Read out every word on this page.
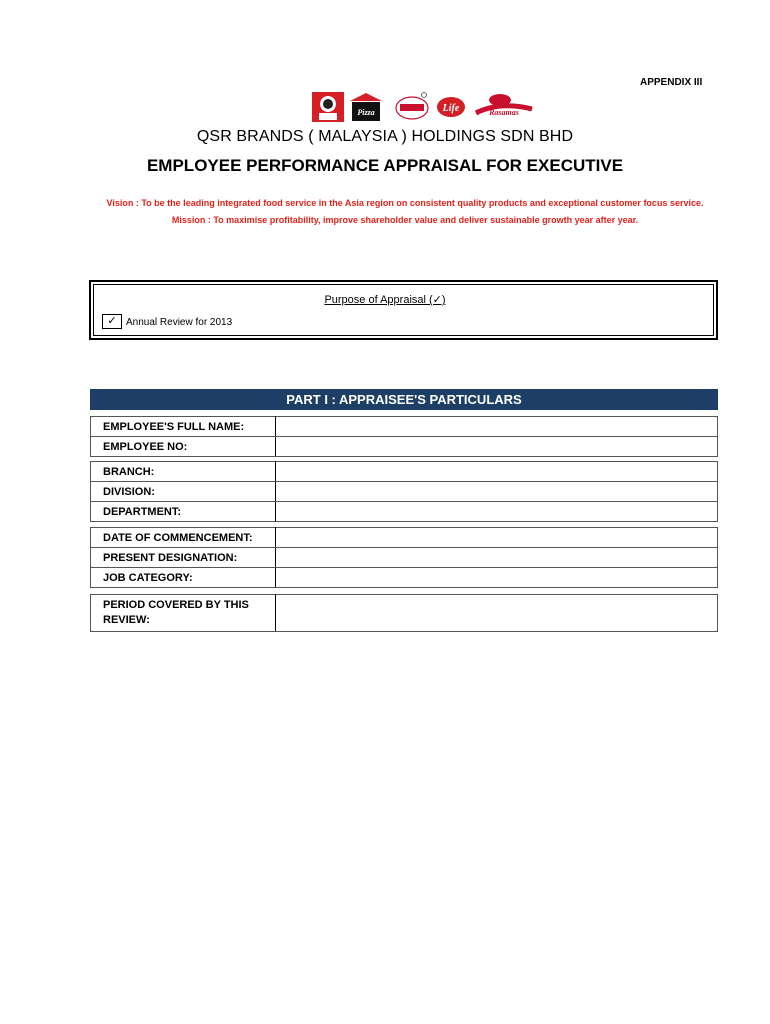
APPENDIX III
Pizza	Life	Rasamas
QSR BRANDS ( MALAYSIA ) HOLDINGS SDN BHD
EMPLOYEE PERFORMANCE APPRAISAL FOR EXECUTIVE
Vision : To be the leading integrated food service in the Asia region on consistent quality products and exceptional customer focus service.
Mission : To maximise profitability, improve shareholder value and deliver sustainable growth year after year.
Purpose of Appraisal (✓)
✓ Annual Review for 2013
PART I : APPRAISEE'S PARTICULARS
EMPLOYEE'S FULL NAME:	
EMPLOYEE NO:	
BRANCH:	
DIVISION:	
DEPARTMENT:	
DATE OF COMMENCEMENT:	
PRESENT DESIGNATION:	
JOB CATEGORY:	
PERIOD COVERED BY THIS REVIEW:	
